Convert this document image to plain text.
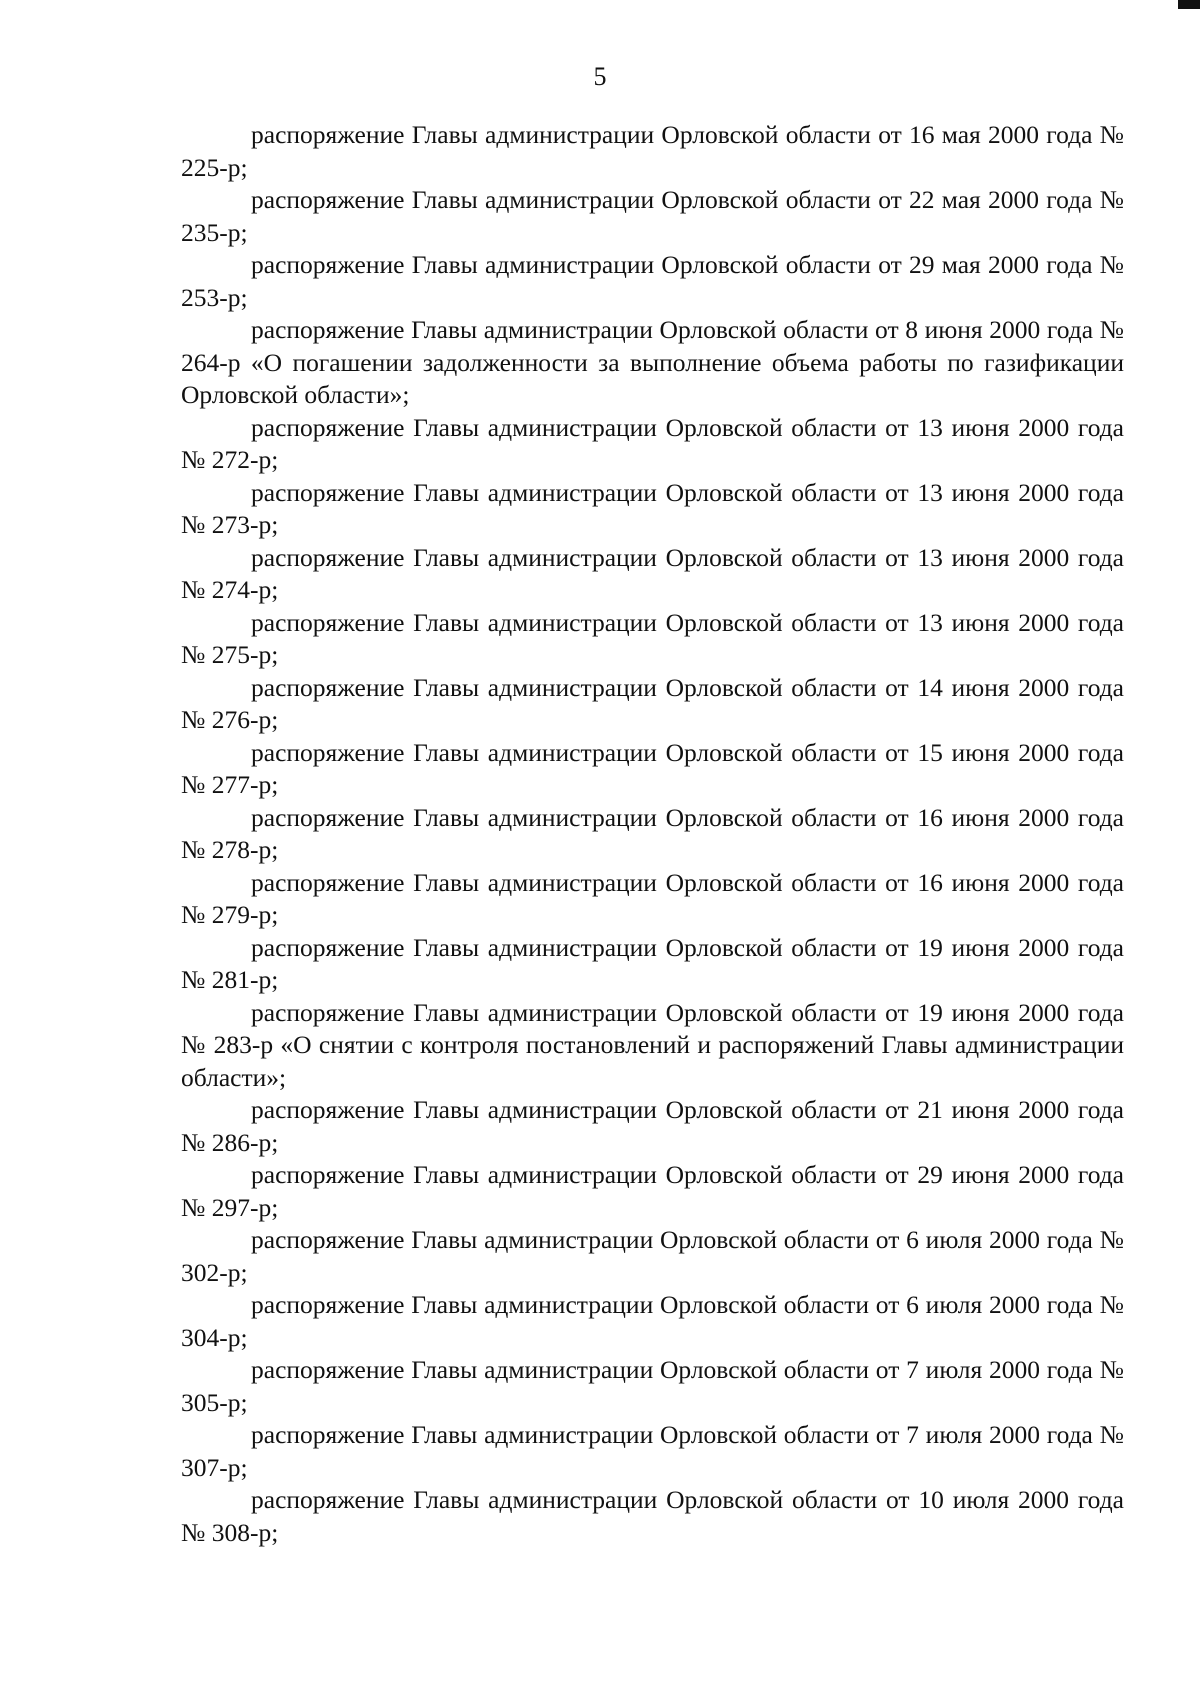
5

распоряжение Главы администрации Орловской области от 16 мая 2000 года № 225-р;

распоряжение Главы администрации Орловской области от 22 мая 2000 года № 235-р;

распоряжение Главы администрации Орловской области от 29 мая 2000 года № 253-р;

распоряжение Главы администрации Орловской области от 8 июня 2000 года № 264-р «О погашении задолженности за выполнение объема работы по газификации Орловской области»;

распоряжение Главы администрации Орловской области от 13 июня 2000 года № 272-р;

распоряжение Главы администрации Орловской области от 13 июня 2000 года № 273-р;

распоряжение Главы администрации Орловской области от 13 июня 2000 года № 274-р;

распоряжение Главы администрации Орловской области от 13 июня 2000 года № 275-р;

распоряжение Главы администрации Орловской области от 14 июня 2000 года № 276-р;

распоряжение Главы администрации Орловской области от 15 июня 2000 года № 277-р;

распоряжение Главы администрации Орловской области от 16 июня 2000 года № 278-р;

распоряжение Главы администрации Орловской области от 16 июня 2000 года № 279-р;

распоряжение Главы администрации Орловской области от 19 июня 2000 года № 281-р;

распоряжение Главы администрации Орловской области от 19 июня 2000 года № 283-р «О снятии с контроля постановлений и распоряжений Главы администрации области»;

распоряжение Главы администрации Орловской области от 21 июня 2000 года № 286-р;

распоряжение Главы администрации Орловской области от 29 июня 2000 года № 297-р;

распоряжение Главы администрации Орловской области от 6 июля 2000 года № 302-р;

распоряжение Главы администрации Орловской области от 6 июля 2000 года № 304-р;

распоряжение Главы администрации Орловской области от 7 июля 2000 года № 305-р;

распоряжение Главы администрации Орловской области от 7 июля 2000 года № 307-р;

распоряжение Главы администрации Орловской области от 10 июля 2000 года № 308-р;
